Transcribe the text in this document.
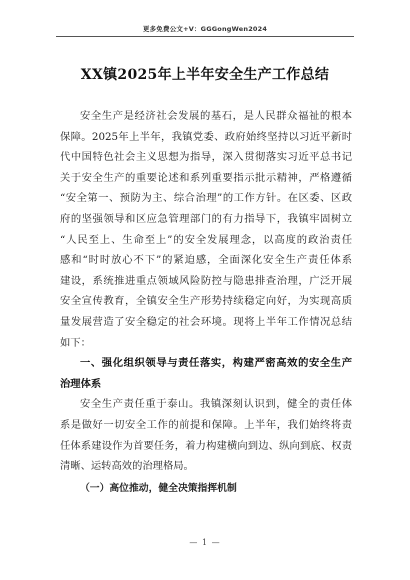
更多免费公文+V：GGGongWen2024
XX镇2025年上半年安全生产工作总结
安全生产是经济社会发展的基石，是人民群众福祉的根本
保障。2025年上半年，我镇党委、政府始终坚持以习近平新时
代中国特色社会主义思想为指导，深入贯彻落实习近平总书记
关于安全生产的重要论述和系列重要指示批示精神，严格遵循
“安全第一、预防为主、综合治理”的工作方针。在区委、区政
府的坚强领导和区应急管理部门的有力指导下，我镇牢固树立
“人民至上、生命至上”的安全发展理念，以高度的政治责任
感和“时时放心不下”的紧迫感，全面深化安全生产责任体系
建设，系统推进重点领域风险防控与隐患排查治理，广泛开展
安全宣传教育，全镇安全生产形势持续稳定向好，为实现高质
量发展营造了安全稳定的社会环境。现将上半年工作情况总结
如下：
一、强化组织领导与责任落实，构建严密高效的安全生产
治理体系
安全生产责任重于泰山。我镇深刻认识到，健全的责任体
系是做好一切安全工作的前提和保障。上半年，我们始终将责
任体系建设作为首要任务，着力构建横向到边、纵向到底、权责
清晰、运转高效的治理格局。
（一）高位推动，健全决策指挥机制
— 1 —
